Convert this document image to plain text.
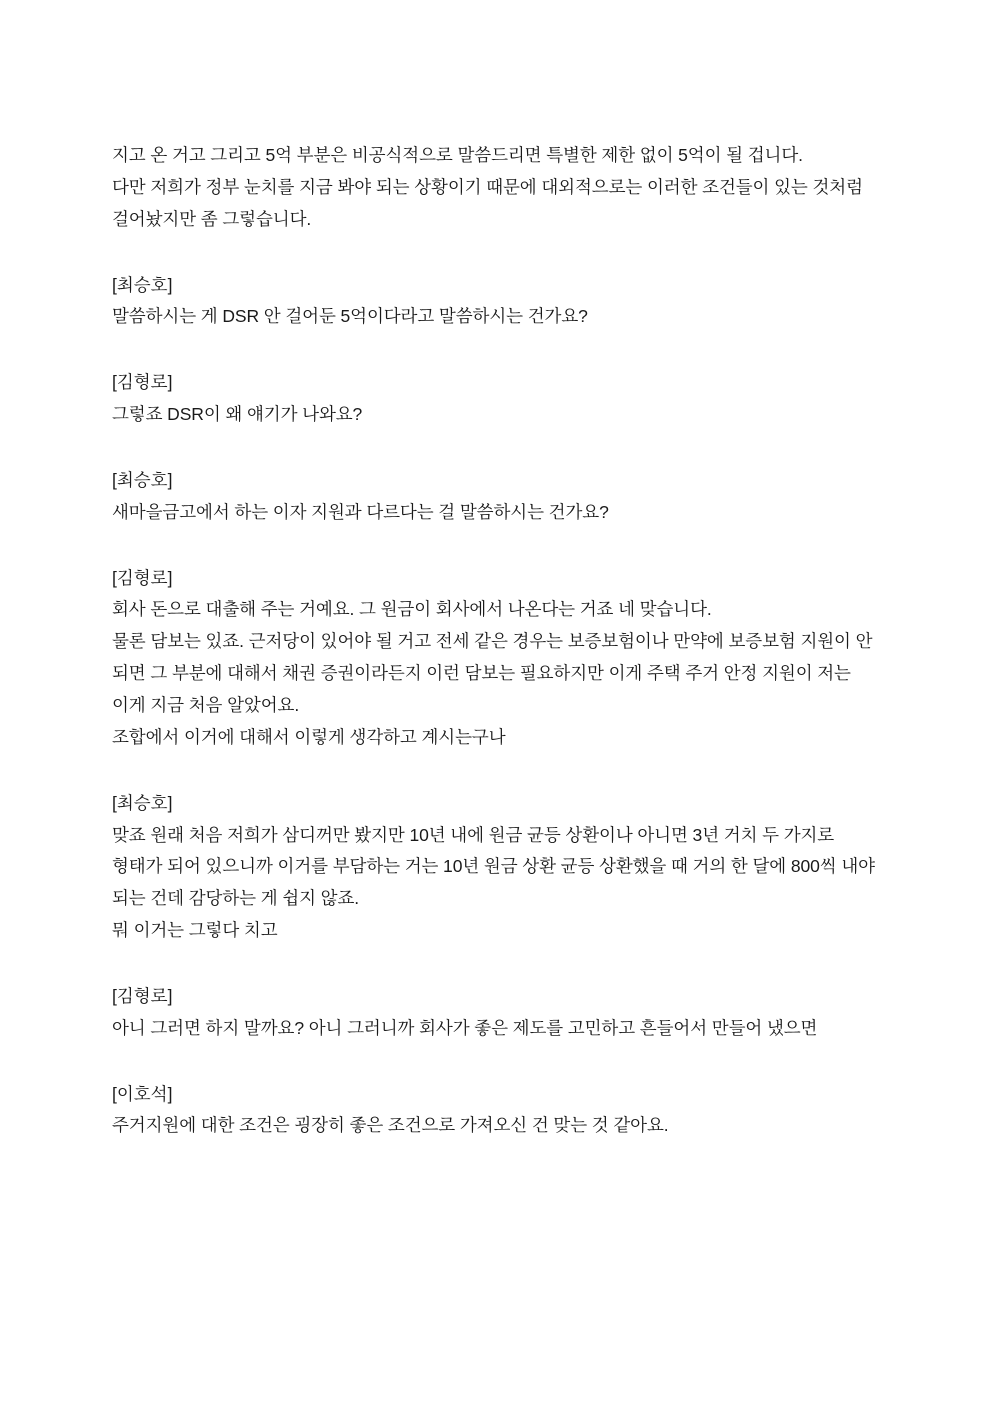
지고 온 거고 그리고 5억 부분은 비공식적으로 말씀드리면 특별한 제한 없이 5억이 될 겁니다.

다만 저희가 정부 눈치를 지금 봐야 되는 상황이기 때문에 대외적으로는 이러한 조건들이 있는 것처럼 걸어놨지만 좀 그렇습니다.

[최승호]

말씀하시는 게 DSR 안 걸어둔 5억이다라고 말씀하시는 건가요?

[김형로]

그렇죠 DSR이 왜 얘기가 나와요?

[최승호]

새마을금고에서 하는 이자 지원과 다르다는 걸 말씀하시는 건가요?

[김형로]

회사 돈으로 대출해 주는 거예요. 그 원금이 회사에서 나온다는 거죠 네 맞습니다.

물론 담보는 있죠. 근저당이 있어야 될 거고 전세 같은 경우는 보증보험이나 만약에 보증보험 지원이 안 되면 그 부분에 대해서 채권 증권이라든지 이런 담보는 필요하지만 이게 주택 주거 안정 지원이 저는 이게 지금 처음 알았어요.

조합에서 이거에 대해서 이렇게 생각하고 계시는구나

[최승호]

맞죠 원래 처음 저희가 삼디꺼만 봤지만 10년 내에 원금 균등 상환이나 아니면 3년 거치 두 가지로 형태가 되어 있으니까 이거를 부담하는 거는 10년 원금 상환 균등 상환했을 때 거의 한 달에 800씩 내야 되는 건데 감당하는 게 쉽지 않죠.

뭐 이거는 그렇다 치고

[김형로]

아니 그러면 하지 말까요? 아니 그러니까 회사가 좋은 제도를 고민하고 흔들어서 만들어 냈으면

[이호석]

주거지원에 대한 조건은 굉장히 좋은 조건으로 가져오신 건 맞는 것 같아요.
